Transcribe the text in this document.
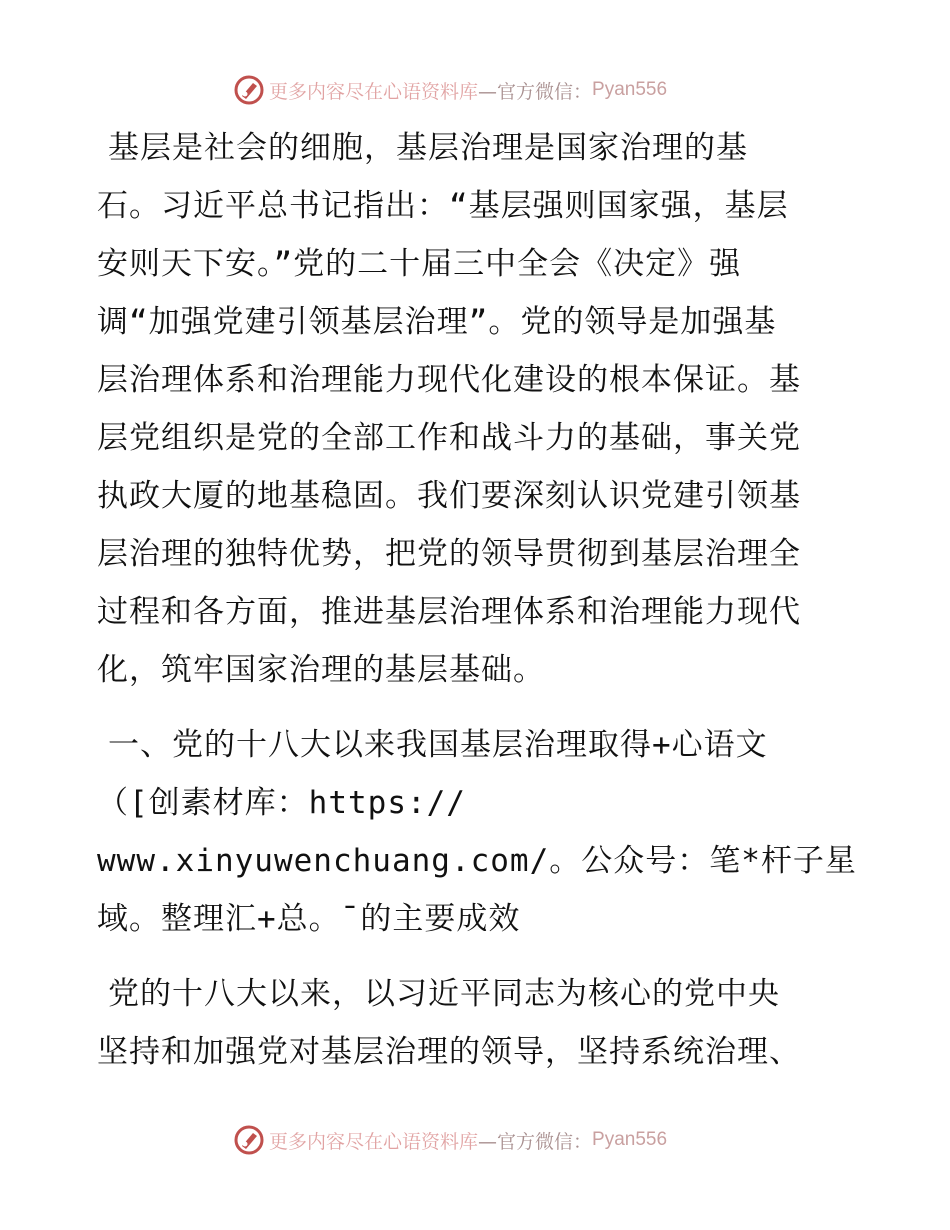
更多内容尽在心语资料库 —官方微信： Pyan556
基层是社会的细胞，基层治理是国家治理的基
石。习近平总书记指出：“基层强则国家强，基层
安则天下安。”党的二十届三中全会《决定》强
调“加强党建引领基层治理”。党的领导是加强基
层治理体系和治理能力现代化建设的根本保证。基
层党组织是党的全部工作和战斗力的基础，事关党
执政大厦的地基稳固。我们要深刻认识党建引领基
层治理的独特优势，把党的领导贯彻到基层治理全
过程和各方面，推进基层治理体系和治理能力现代
化，筑牢国家治理的基层基础。
一、党的十八大以来我国基层治理取得+心语文
（[创素材库：https://
www.xinyuwenchuang.com/。公众号：笔*杆子星
域。整理汇+总。¯的主要成效
党的十八大以来，以习近平同志为核心的党中央
坚持和加强党对基层治理的领导，坚持系统治理、
更多内容尽在心语资料库 —官方微信： Pyan556
